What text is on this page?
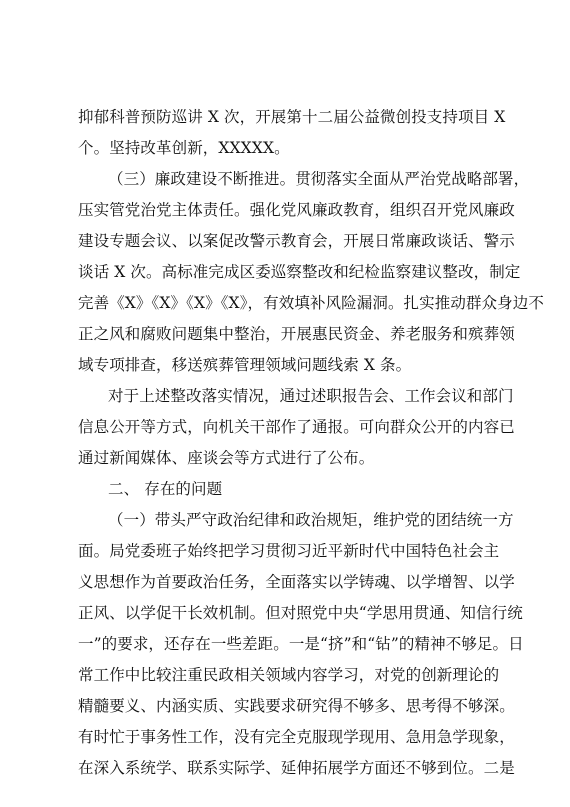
抑郁科普预防巡讲 X 次，开展第十二届公益微创投支持项目 X
个。坚持改革创新，XXXXX。
（三）廉政建设不断推进。贯彻落实全面从严治党战略部署，
压实管党治党主体责任。强化党风廉政教育，组织召开党风廉政
建设专题会议、以案促改警示教育会，开展日常廉政谈话、警示
谈话 X 次。高标准完成区委巡察整改和纪检监察建议整改，制定
完善《X》《X》《X》《X》，有效填补风险漏洞。扎实推动群众身边不
正之风和腐败问题集中整治，开展惠民资金、养老服务和殡葬领
域专项排查，移送殡葬管理领域问题线索 X 条。
对于上述整改落实情况，通过述职报告会、工作会议和部门
信息公开等方式，向机关干部作了通报。可向群众公开的内容已
通过新闻媒体、座谈会等方式进行了公布。
二、 存在的问题
（一）带头严守政治纪律和政治规矩，维护党的团结统一方
面。局党委班子始终把学习贯彻习近平新时代中国特色社会主
义思想作为首要政治任务，全面落实以学铸魂、以学增智、以学
正风、以学促干长效机制。但对照党中央“学思用贯通、知信行统
一”的要求，还存在一些差距。一是“挤”和“钻”的精神不够足。日
常工作中比较注重民政相关领域内容学习，对党的创新理论的
精髓要义、内涵实质、实践要求研究得不够多、思考得不够深。
有时忙于事务性工作，没有完全克服现学现用、急用急学现象，
在深入系统学、联系实际学、延伸拓展学方面还不够到位。二是
